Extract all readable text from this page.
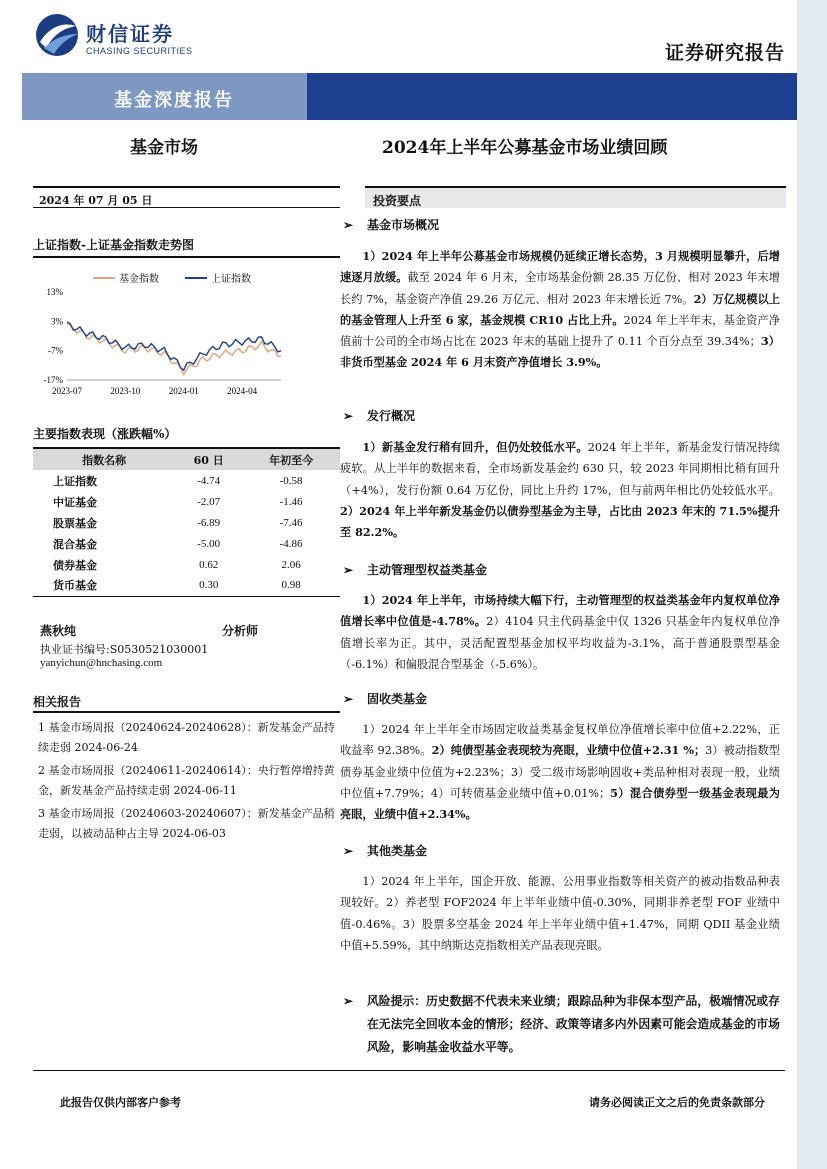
财信证券
CHASING SECURITIES	证券研究报告
基金深度报告
基金市场	2024年上半年公募基金市场业绩回顾
2024 年 07 月 05 日
上证指数-上证基金指数走势图
基金指数	上证指数
13%
3%
-7%
-17%
2023-07	2023-10	2024-01	2024-04
主要指数表现（涨跌幅%）
指数名称	60 日	年初至今
上证指数	-4.74	-0.58
中证基金	-2.07	-1.46
股票基金	-6.89	-7.46
混合基金	-5.00	-4.86
债券基金	0.62	2.06
货币基金	0.30	0.98
燕秋纯	分析师
执业证书编号:S0530521030001
yanyichun@hnchasing.com
相关报告
1 基金市场周报（20240624-20240628）：新发基金产品持续走弱 2024-06-24
2 基金市场周报（20240611-20240614）：央行暂停增持黄金，新发基金产品持续走弱 2024-06-11
3 基金市场周报（20240603-20240607）：新发基金产品稍走弱，以被动品种占主导 2024-06-03
投资要点
➢ 基金市场概况
1）2024 年上半年公募基金市场规模仍延续正增长态势，3 月规模明显攀升，后增速逐月放缓。截至 2024 年 6 月末，全市场基金份额 28.35 万亿份、相对 2023 年末增长约 7%，基金资产净值 29.26 万亿元、相对 2023 年末增长近 7%。2）万亿规模以上的基金管理人上升至 6 家，基金规模 CR10 占比上升。2024 年上半年末，基金资产净值前十公司的全市场占比在 2023 年末的基础上提升了 0.11 个百分点至 39.34%；3）非货币型基金 2024 年 6 月末资产净值增长 3.9%。
➢ 发行概况
1）新基金发行稍有回升，但仍处较低水平。2024 年上半年，新基金发行情况持续疲软。从上半年的数据来看，全市场新发基金约 630 只，较 2023 年同期相比稍有回升（+4%），发行份额 0.64 万亿份，同比上升约 17%，但与前两年相比仍处较低水平。2）2024 年上半年新发基金仍以债券型基金为主导，占比由 2023 年末的 71.5%提升至 82.2%。
➢ 主动管理型权益类基金
1）2024 年上半年，市场持续大幅下行，主动管理型的权益类基金年内复权单位净值增长率中位值是-4.78%。2）4104 只主代码基金中仅 1326 只基金年内复权单位净值增长率为正。其中，灵活配置型基金加权平均收益为-3.1%，高于普通股票型基金（-6.1%）和偏股混合型基金（-5.6%）。
➢ 固收类基金
1）2024 年上半年全市场固定收益类基金复权单位净值增长率中位值+2.22%，正收益率 92.38%。2）纯债型基金表现较为亮眼，业绩中位值+2.31 %；3）被动指数型债券基金业绩中位值为+2.23%；3）受二级市场影响固收+类品种相对表现一般，业绩中位值+7.79%；4）可转债基金业绩中值+0.01%；5）混合债券型一级基金表现最为亮眼，业绩中值+2.34%。
➢ 其他类基金
1）2024 年上半年，国企开放、能源、公用事业指数等相关资产的被动指数品种表现较好。2）养老型 FOF2024 年上半年业绩中值-0.30%，同期非养老型 FOF 业绩中值-0.46%。3）股票多空基金 2024 年上半年业绩中值+1.47%，同期 QDII 基金业绩中值+5.59%，其中纳斯达克指数相关产品表现亮眼。
➢	风险提示：历史数据不代表未来业绩；跟踪品种为非保本型产品，极端情况或存在无法完全回收本金的情形；经济、政策等诸多内外因素可能会造成基金的市场风险，影响基金收益水平等。
此报告仅供内部客户参考	请务必阅读正文之后的免责条款部分
